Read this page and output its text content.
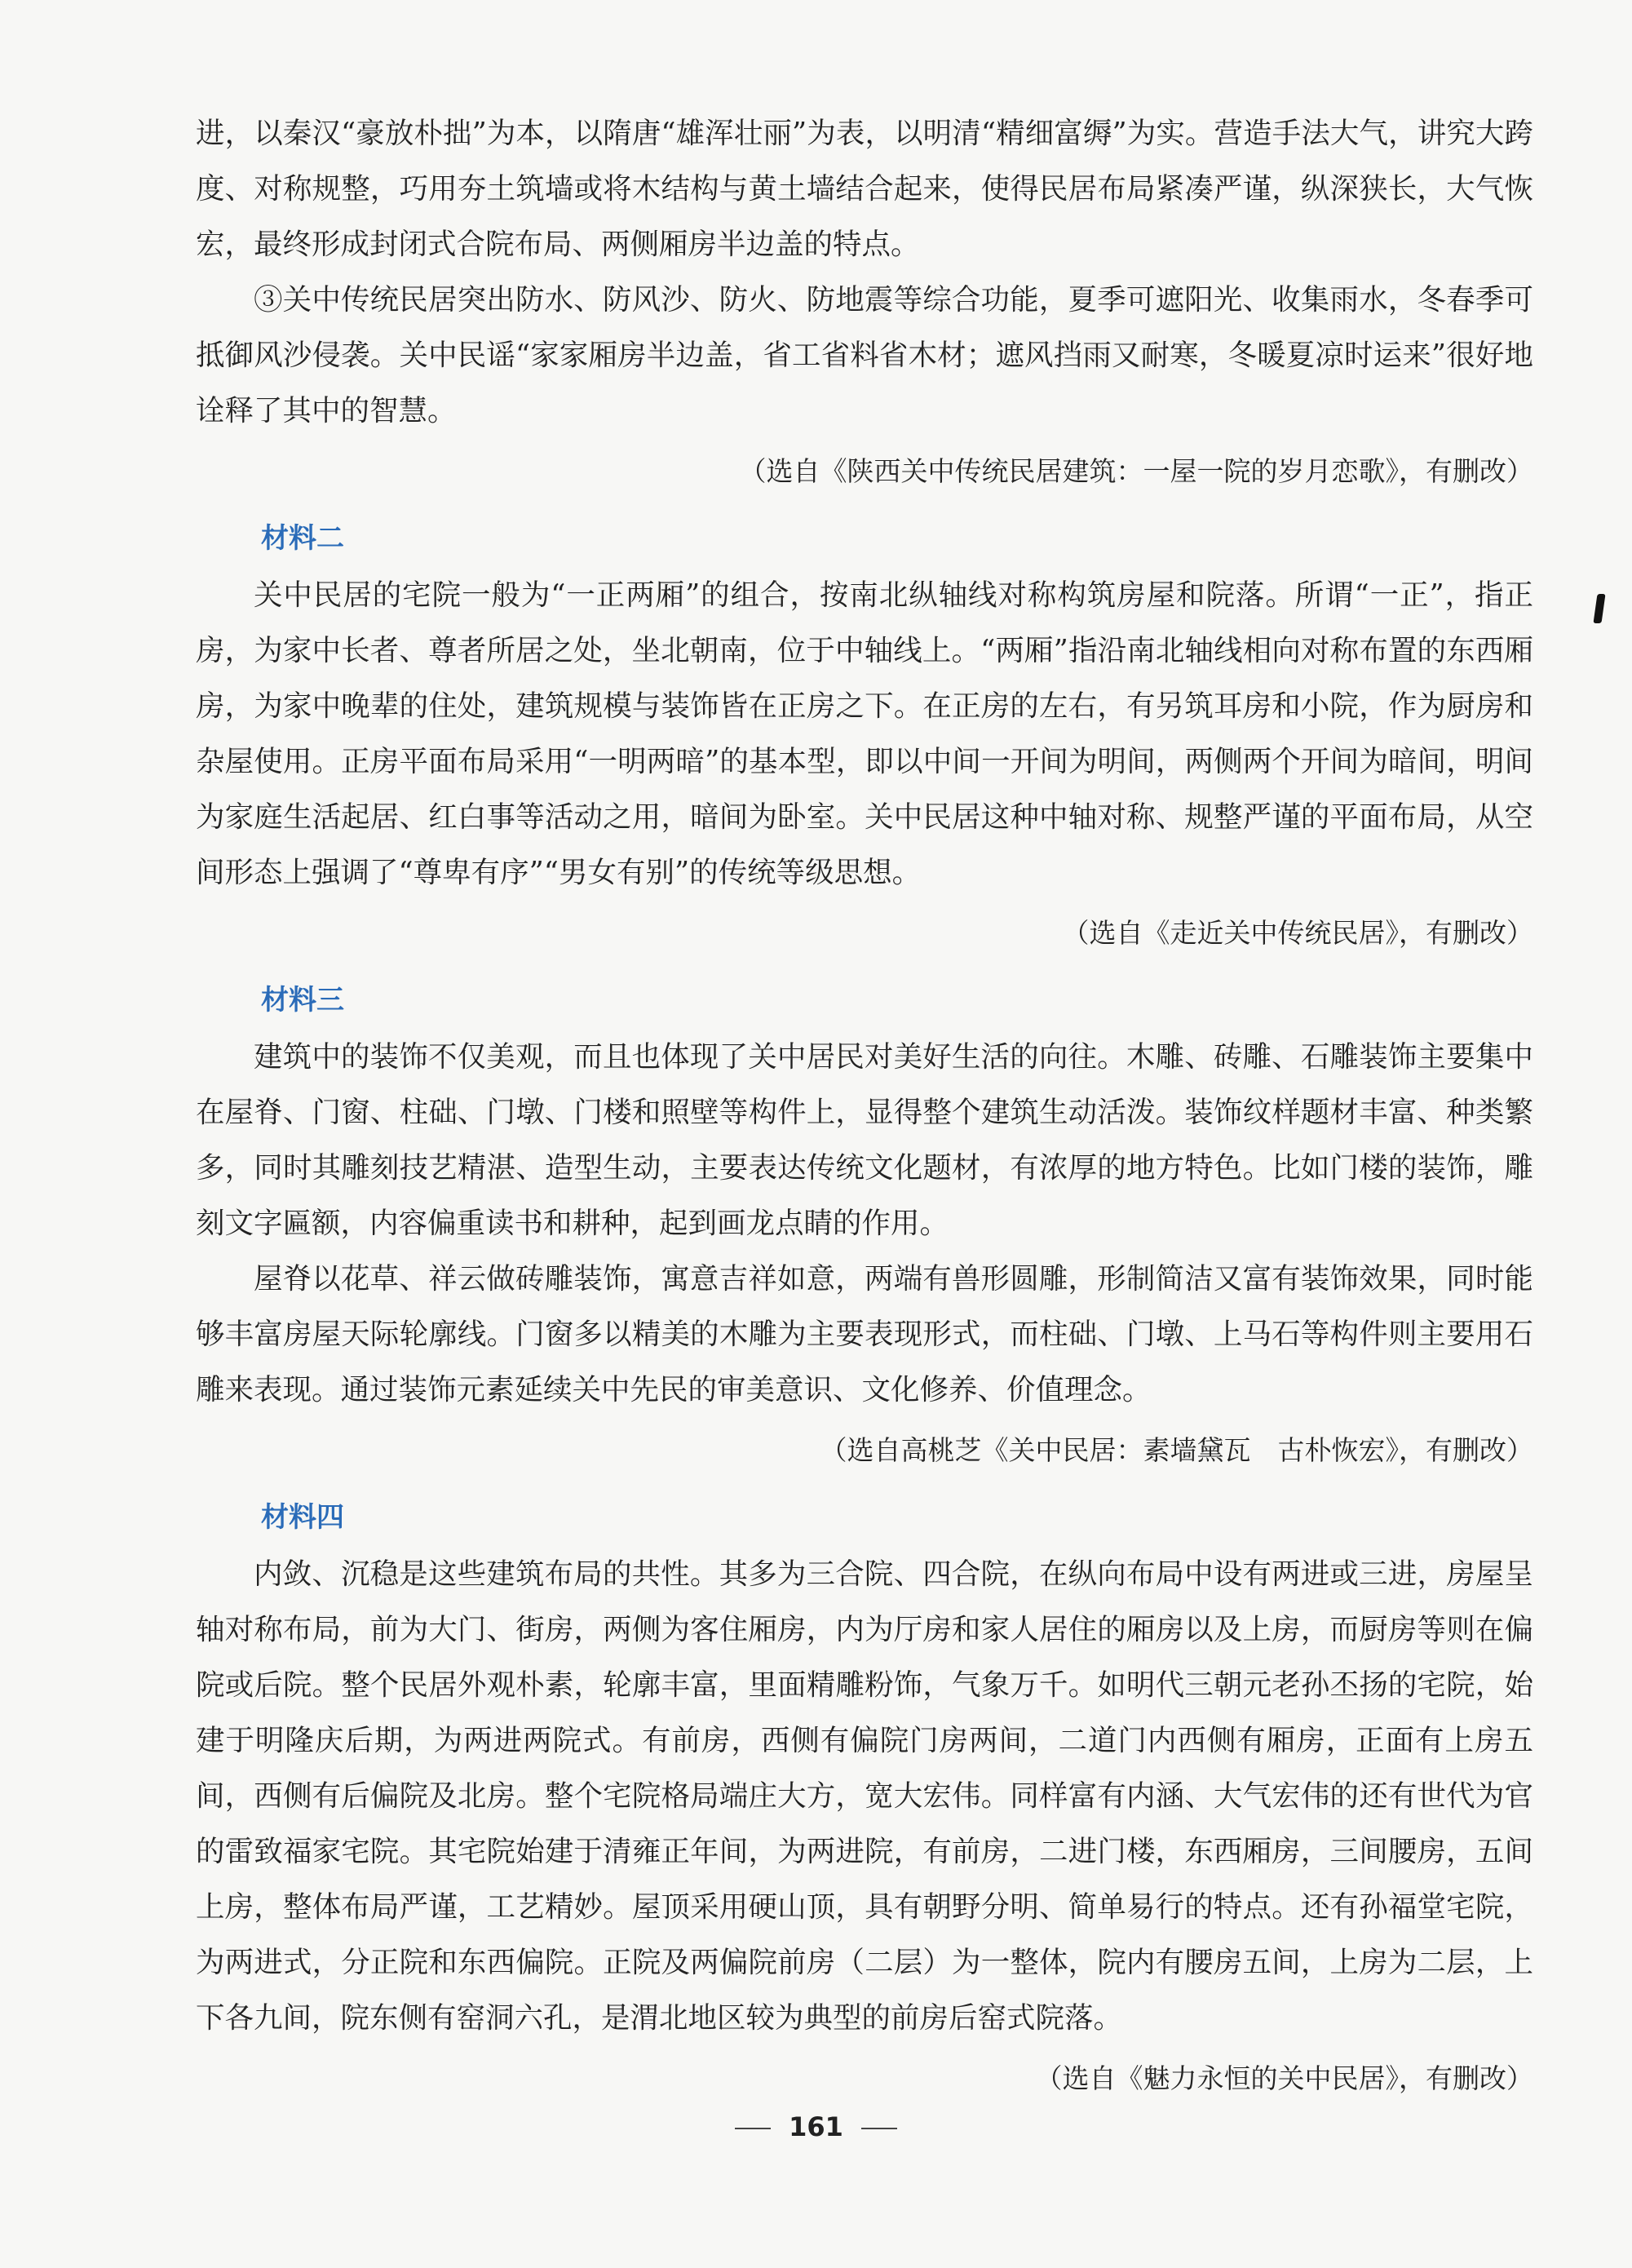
进，以秦汉“豪放朴拙”为本，以隋唐“雄浑壮丽”为表，以明清“精细富缛”为实。营造手法大气，讲究大跨度、对称规整，巧用夯土筑墙或将木结构与黄土墙结合起来，使得民居布局紧凑严谨，纵深狭长，大气恢宏，最终形成封闭式合院布局、两侧厢房半边盖的特点。

③关中传统民居突出防水、防风沙、防火、防地震等综合功能，夏季可遮阳光、收集雨水，冬春季可抵御风沙侵袭。关中民谣“家家厢房半边盖，省工省料省木材；遮风挡雨又耐寒，冬暖夏凉时运来”很好地诠释了其中的智慧。

（选自《陕西关中传统民居建筑：一屋一院的岁月恋歌》，有删改）

材料二

关中民居的宅院一般为“一正两厢”的组合，按南北纵轴线对称构筑房屋和院落。所谓“一正”，指正房，为家中长者、尊者所居之处，坐北朝南，位于中轴线上。“两厢”指沿南北轴线相向对称布置的东西厢房，为家中晚辈的住处，建筑规模与装饰皆在正房之下。在正房的左右，有另筑耳房和小院，作为厨房和杂屋使用。正房平面布局采用“一明两暗”的基本型，即以中间一开间为明间，两侧两个开间为暗间，明间为家庭生活起居、红白事等活动之用，暗间为卧室。关中民居这种中轴对称、规整严谨的平面布局，从空间形态上强调了“尊卑有序”“男女有别”的传统等级思想。

（选自《走近关中传统民居》，有删改）

材料三

建筑中的装饰不仅美观，而且也体现了关中居民对美好生活的向往。木雕、砖雕、石雕装饰主要集中在屋脊、门窗、柱础、门墩、门楼和照壁等构件上，显得整个建筑生动活泼。装饰纹样题材丰富、种类繁多，同时其雕刻技艺精湛、造型生动，主要表达传统文化题材，有浓厚的地方特色。比如门楼的装饰，雕刻文字匾额，内容偏重读书和耕种，起到画龙点睛的作用。

屋脊以花草、祥云做砖雕装饰，寓意吉祥如意，两端有兽形圆雕，形制简洁又富有装饰效果，同时能够丰富房屋天际轮廓线。门窗多以精美的木雕为主要表现形式，而柱础、门墩、上马石等构件则主要用石雕来表现。通过装饰元素延续关中先民的审美意识、文化修养、价值理念。

（选自高桃芝《关中民居：素墙黛瓦　古朴恢宏》，有删改）

材料四

内敛、沉稳是这些建筑布局的共性。其多为三合院、四合院，在纵向布局中设有两进或三进，房屋呈轴对称布局，前为大门、街房，两侧为客住厢房，内为厅房和家人居住的厢房以及上房，而厨房等则在偏院或后院。整个民居外观朴素，轮廓丰富，里面精雕粉饰，气象万千。如明代三朝元老孙丕扬的宅院，始建于明隆庆后期，为两进两院式。有前房，西侧有偏院门房两间，二道门内西侧有厢房，正面有上房五间，西侧有后偏院及北房。整个宅院格局端庄大方，宽大宏伟。同样富有内涵、大气宏伟的还有世代为官的雷致福家宅院。其宅院始建于清雍正年间，为两进院，有前房，二进门楼，东西厢房，三间腰房，五间上房，整体布局严谨，工艺精妙。屋顶采用硬山顶，具有朝野分明、简单易行的特点。还有孙福堂宅院，为两进式，分正院和东西偏院。正院及两偏院前房（二层）为一整体，院内有腰房五间，上房为二层，上下各九间，院东侧有窑洞六孔，是渭北地区较为典型的前房后窑式院落。

（选自《魅力永恒的关中民居》，有删改）

161
